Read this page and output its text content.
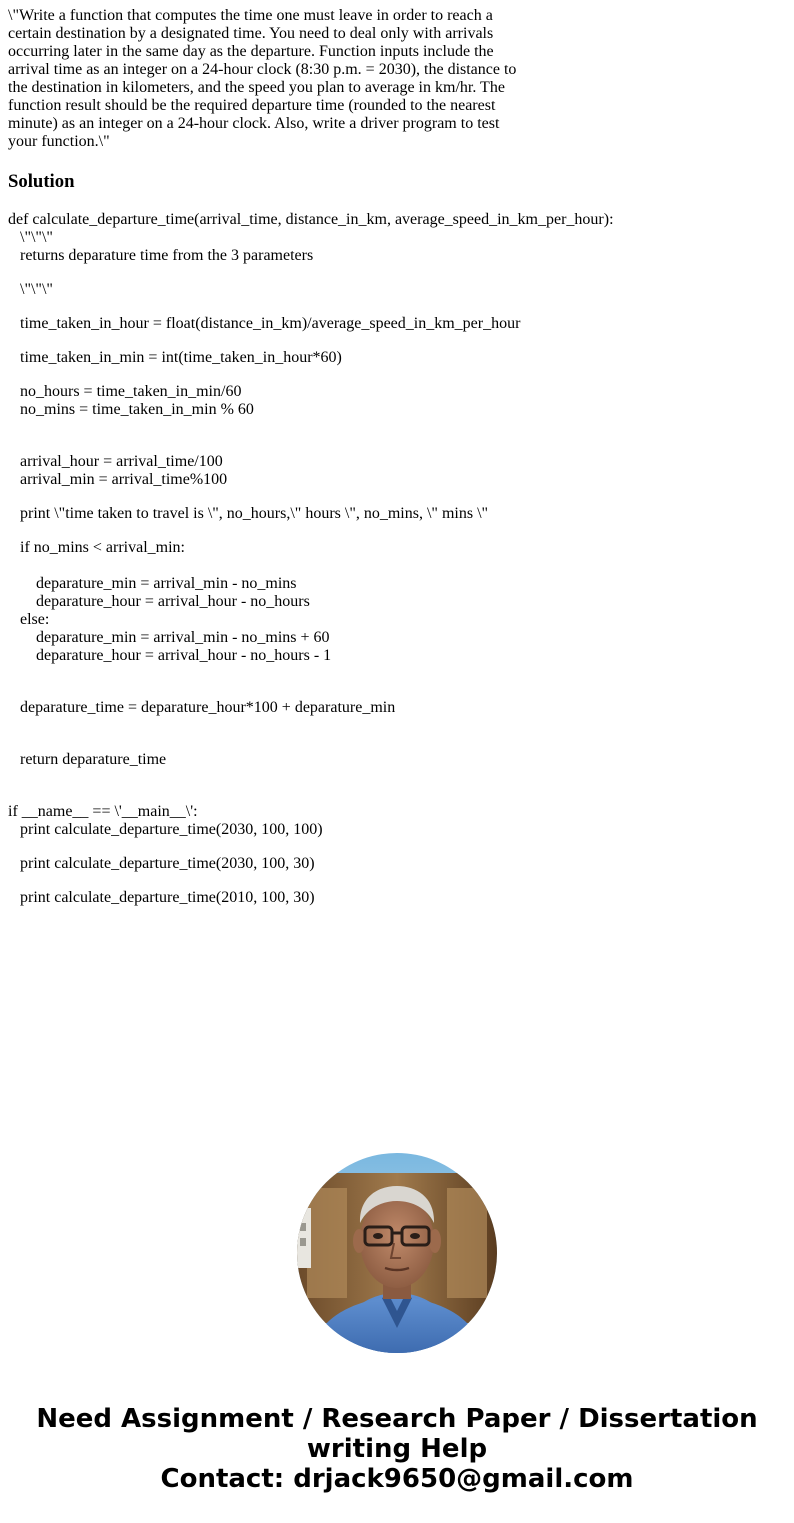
\"Write a function that computes the time one must leave in order to reach a certain destination by a designated time. You need to deal only with arrivals occurring later in the same day as the departure. Function inputs include the arrival time as an integer on a 24-hour clock (8:30 p.m. = 2030), the distance to the destination in kilometers, and the speed you plan to average in km/hr. The function result should be the required departure time (rounded to the nearest minute) as an integer on a 24-hour clock. Also, write a driver program to test your function.\"
Solution
def calculate_departure_time(arrival_time, distance_in_km, average_speed_in_km_per_hour):
\"\"\"
returns deparature time from the 3 parameters
\"\"\"
time_taken_in_hour = float(distance_in_km)/average_speed_in_km_per_hour
time_taken_in_min = int(time_taken_in_hour*60)
no_hours = time_taken_in_min/60
no_mins = time_taken_in_min % 60
arrival_hour = arrival_time/100
arrival_min = arrival_time%100
print \"time taken to travel is \", no_hours,\" hours \", no_mins, \" mins \"
if no_mins < arrival_min:
deparature_min = arrival_min - no_mins
deparature_hour = arrival_hour - no_hours
else:
deparature_min = arrival_min - no_mins + 60
deparature_hour = arrival_hour - no_hours - 1
deparature_time = deparature_hour*100 + deparature_min
return deparature_time
if __name__ == \'__main__\':
print calculate_departure_time(2030, 100, 100)
print calculate_departure_time(2030, 100, 30)
print calculate_departure_time(2010, 100, 30)
Need Assignment / Research Paper / Dissertation
writing Help
Contact: drjack9650@gmail.com
